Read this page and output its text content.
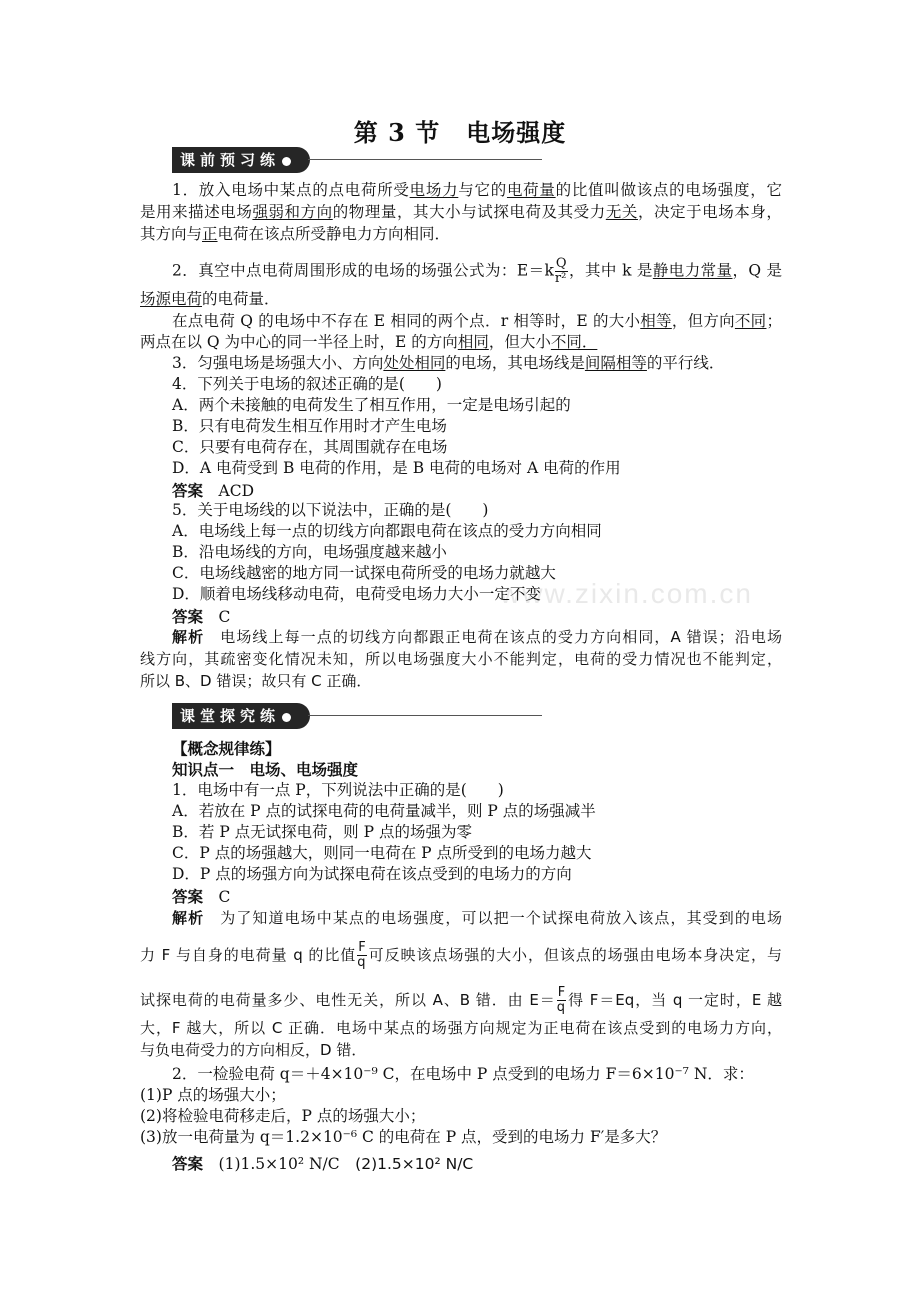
www.zixin.com.cn
第 3 节 电场强度
课前预习练
1．放入电场中某点的点电荷所受电场力与它的电荷量的比值叫做该点的电场强度，它
是用来描述电场强弱和方向的物理量，其大小与试探电荷及其受力无关，决定于电场本身，
其方向与正电荷在该点所受静电力方向相同．
2．真空中点电荷周围形成的电场的场强公式为：$E=k \frac{Q}{\text{r²}}$ ，其中 k 是静电力常量，Q 是
场源电荷的电荷量．
在点电荷 Q 的电场中不存在 E 相同的两个点．r 相等时，E 的大小相等，但方向不同；
两点在以 Q 为中心的同一半径上时，E 的方向相同，但大小不同．
3．匀强电场是场强大小、方向处处相同的电场，其电场线是间隔相等的平行线．
4．下列关于电场的叙述正确的是(　　)
A．两个未接触的电荷发生了相互作用，一定是电场引起的
B．只有电荷发生相互作用时才产生电场
C．只要有电荷存在，其周围就存在电场
D．A 电荷受到 B 电荷的作用，是 B 电荷的电场对 A 电荷的作用
答案　 ACD
5．关于电场线的以下说法中，正确的是(　　)
A．电场线上每一点的切线方向都跟电荷在该点的受力方向相同
B．沿电场线的方向，电场强度越来越小
C．电场线越密的地方同一试探电荷所受的电场力就越大
D．顺着电场线移动电荷，电荷受电场力大小一定不变
答案　 C
解析　 电场线上每一点的切线方向都跟正电荷在该点的受力方向相同，A 错误；沿电场
线方向，其疏密变化情况未知，所以电场强度大小不能判定，电荷的受力情况也不能判定，
所以 B、D 错误；故只有 C 正确．
课堂探究练
【概念规律练】
知识点一　电场、电场强度
1．电场中有一点 P，下列说法中正确的是(　　)
A．若放在 P 点的试探电荷的电荷量减半，则 P 点的场强减半
B．若 P 点无试探电荷，则 P 点的场强为零
C．P 点的场强越大，则同一电荷在 P 点所受到的电场力越大
D．P 点的场强方向为试探电荷在该点受到的电场力的方向
答案　 C
解析　 为了知道电场中某点的电场强度，可以把一个试探电荷放入该点，其受到的电场
力 F 与自身的电荷量 q 的比值 $\frac{F}{q}$ 可反映该点场强的大小，但该点的场强由电场本身决定，与
试探电荷的电荷量多少、电性无关，所以 A、B 错．由 $E= \frac{F}{q}$ 得 F＝Eq，当 q 一定时，E 越
大，F 越大，所以 C 正确．电场中某点的场强方向规定为正电荷在该点受到的电场力方向，
与负电荷受力的方向相反，D 错．
2．一检验电荷 q＝＋4×10⁻⁹ C，在电场中 P 点受到的电场力 F＝6×10⁻⁷ N．求：
(1)P 点的场强大小；
(2)将检验电荷移走后，P 点的场强大小；
(3)放一电荷量为 q＝1.2×10⁻⁶ C 的电荷在 P 点，受到的电场力 F′是多大？
答案　 (1)1.5×10² N/C　 (2)1.5×10² N/C
